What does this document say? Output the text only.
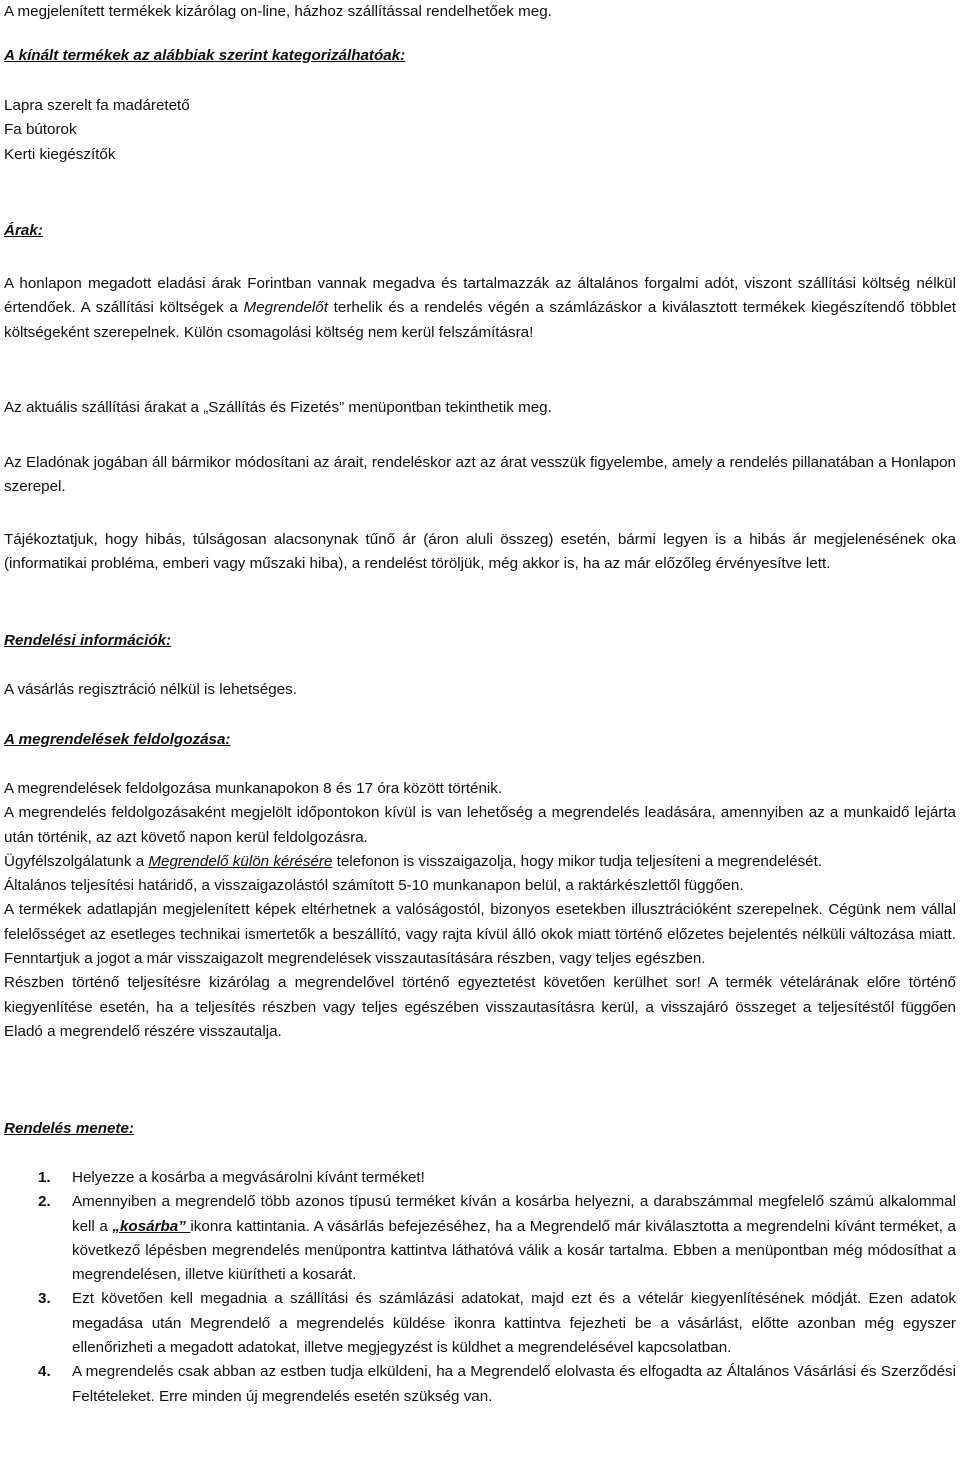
A megjelenített termékek kizárólag on-line, házhoz szállítással rendelhetőek meg.

A kínált termékek az alábbiak szerint kategorizálhatóak:

Lapra szerelt fa madáretető
Fa bútorok
Kerti kiegészítők

Árak:

A honlapon megadott eladási árak Forintban vannak megadva és tartalmazzák az általános forgalmi adót, viszont szállítási költség nélkül értendőek. A szállítási költségek a Megrendelőt terhelik és a rendelés végén a számlázáskor a kiválasztott termékek kiegészítendő többlet költségeként szerepelnek. Külön csomagolási költség nem kerül felszámításra!

Az aktuális szállítási árakat a „Szállítás és Fizetés” menüpontban tekinthetik meg.

Az Eladónak jogában áll bármikor módosítani az árait, rendeléskor azt az árat vesszük figyelembe, amely a rendelés pillanatában a Honlapon szerepel.

Tájékoztatjuk, hogy hibás, túlságosan alacsonynak tűnő ár (áron aluli összeg) esetén, bármi legyen is a hibás ár megjelenésének oka (informatikai probléma, emberi vagy műszaki hiba), a rendelést töröljük, még akkor is, ha az már előzőleg érvényesítve lett.

Rendelési információk:

A vásárlás regisztráció nélkül is lehetséges.

A megrendelések feldolgozása:

A megrendelések feldolgozása munkanapokon 8 és 17 óra között történik.

A megrendelés feldolgozásaként megjelölt időpontokon kívül is van lehetőség a megrendelés leadására, amennyiben az a munkaidő lejárta után történik, az azt követő napon kerül feldolgozásra.

Ügyfélszolgálatunk a Megrendelő külön kérésére telefonon is visszaigazolja, hogy mikor tudja teljesíteni a megrendelését.

Általános teljesítési határidő, a visszaigazolástól számított 5-10 munkanapon belül, a raktárkészlettől függően.

A termékek adatlapján megjelenített képek eltérhetnek a valóságostól, bizonyos esetekben illusztrációként szerepelnek. Cégünk nem vállal felelősséget az esetleges technikai ismertetők a beszállító, vagy rajta kívül álló okok miatt történő előzetes bejelentés nélküli változása miatt. Fenntartjuk a jogot a már visszaigazolt megrendelések visszautasítására részben, vagy teljes egészben.

Részben történő teljesítésre kizárólag a megrendelővel történő egyeztetést követően kerülhet sor! A termék vételárának előre történő kiegyenlítése esetén, ha a teljesítés részben vagy teljes egészében visszautasításra kerül, a visszajáró összeget a teljesítéstől függően Eladó a megrendelő részére visszautalja.

Rendelés menete:

1. Helyezze a kosárba a megvásárolni kívánt terméket!
2. Amennyiben a megrendelő több azonos típusú terméket kíván a kosárba helyezni, a darabszámmal megfelelő számú alkalommal kell a „kosárba” ikonra kattintania. A vásárlás befejezéséhez, ha a Megrendelő már kiválasztotta a megrendelni kívánt terméket, a következő lépésben megrendelés menüpontra kattintva láthatóvá válik a kosár tartalma. Ebben a menüpontban még módosíthat a megrendelésen, illetve kiürítheti a kosarát.
3. Ezt követően kell megadnia a szállítási és számlázási adatokat, majd ezt és a vételár kiegyenlítésének módját. Ezen adatok megadása után Megrendelő a megrendelés küldése ikonra kattintva fejezheti be a vásárlást, előtte azonban még egyszer ellenőrizheti a megadott adatokat, illetve megjegyzést is küldhet a megrendelésével kapcsolatban.
4. A megrendelés csak abban az estben tudja elküldeni, ha a Megrendelő elolvasta és elfogadta az Általános Vásárlási és Szerződési Feltételeket. Erre minden új megrendelés esetén szükség van.
